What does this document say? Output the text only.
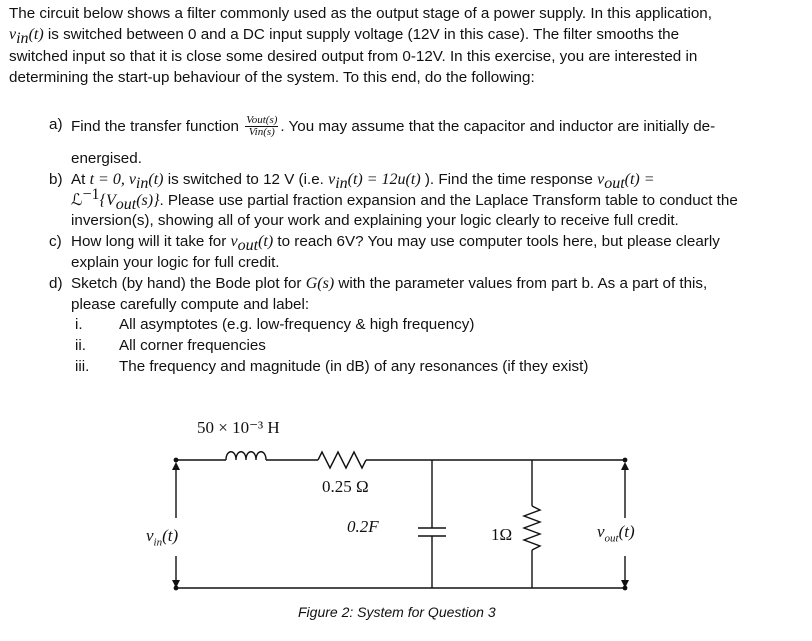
The circuit below shows a filter commonly used as the output stage of a power supply. In this application,
$v_{in}(t)$ is switched between 0 and a DC input supply voltage (12V in this case). The filter smooths the
switched input so that it is close some desired output from 0-12V. In this exercise, you are interested in
determining the start-up behaviour of the system. To this end, do the following:
a) Find the transfer function $\frac{\text{Vout(s)}}{\text{Vin(s)}}$ . You may assume that the capacitor and inductor are initially de-
energised.
b) At t = 0, $v_{in}(t)$ is switched to 12 V (i.e. $v_{in}(t) = 12u(t)$ ). Find the time response $v_{out}(t)$ =
$ℒ^{-1}\{V_{out}(s)\}$. Please use partial fraction expansion and the Laplace Transform table to conduct the
inversion(s), showing all of your work and explaining your logic clearly to receive full credit.
c) How long will it take for $v_{out}(t)$ to reach 6V? You may use computer tools here, but please clearly
explain your logic for full credit.
d) Sketch (by hand) the Bode plot for G(s) with the parameter values from part b. As a part of this,
please carefully compute and label:
i. All asymptotes (e.g. low-frequency & high frequency)
ii. All corner frequencies
iii. The frequency and magnitude (in dB) of any resonances (if they exist)
50 × 10⁻³ H
0.25 Ω
0.2F	1Ω
$v_{in}(t)$	$v_{out}(t)$
Figure 2: System for Question 3
